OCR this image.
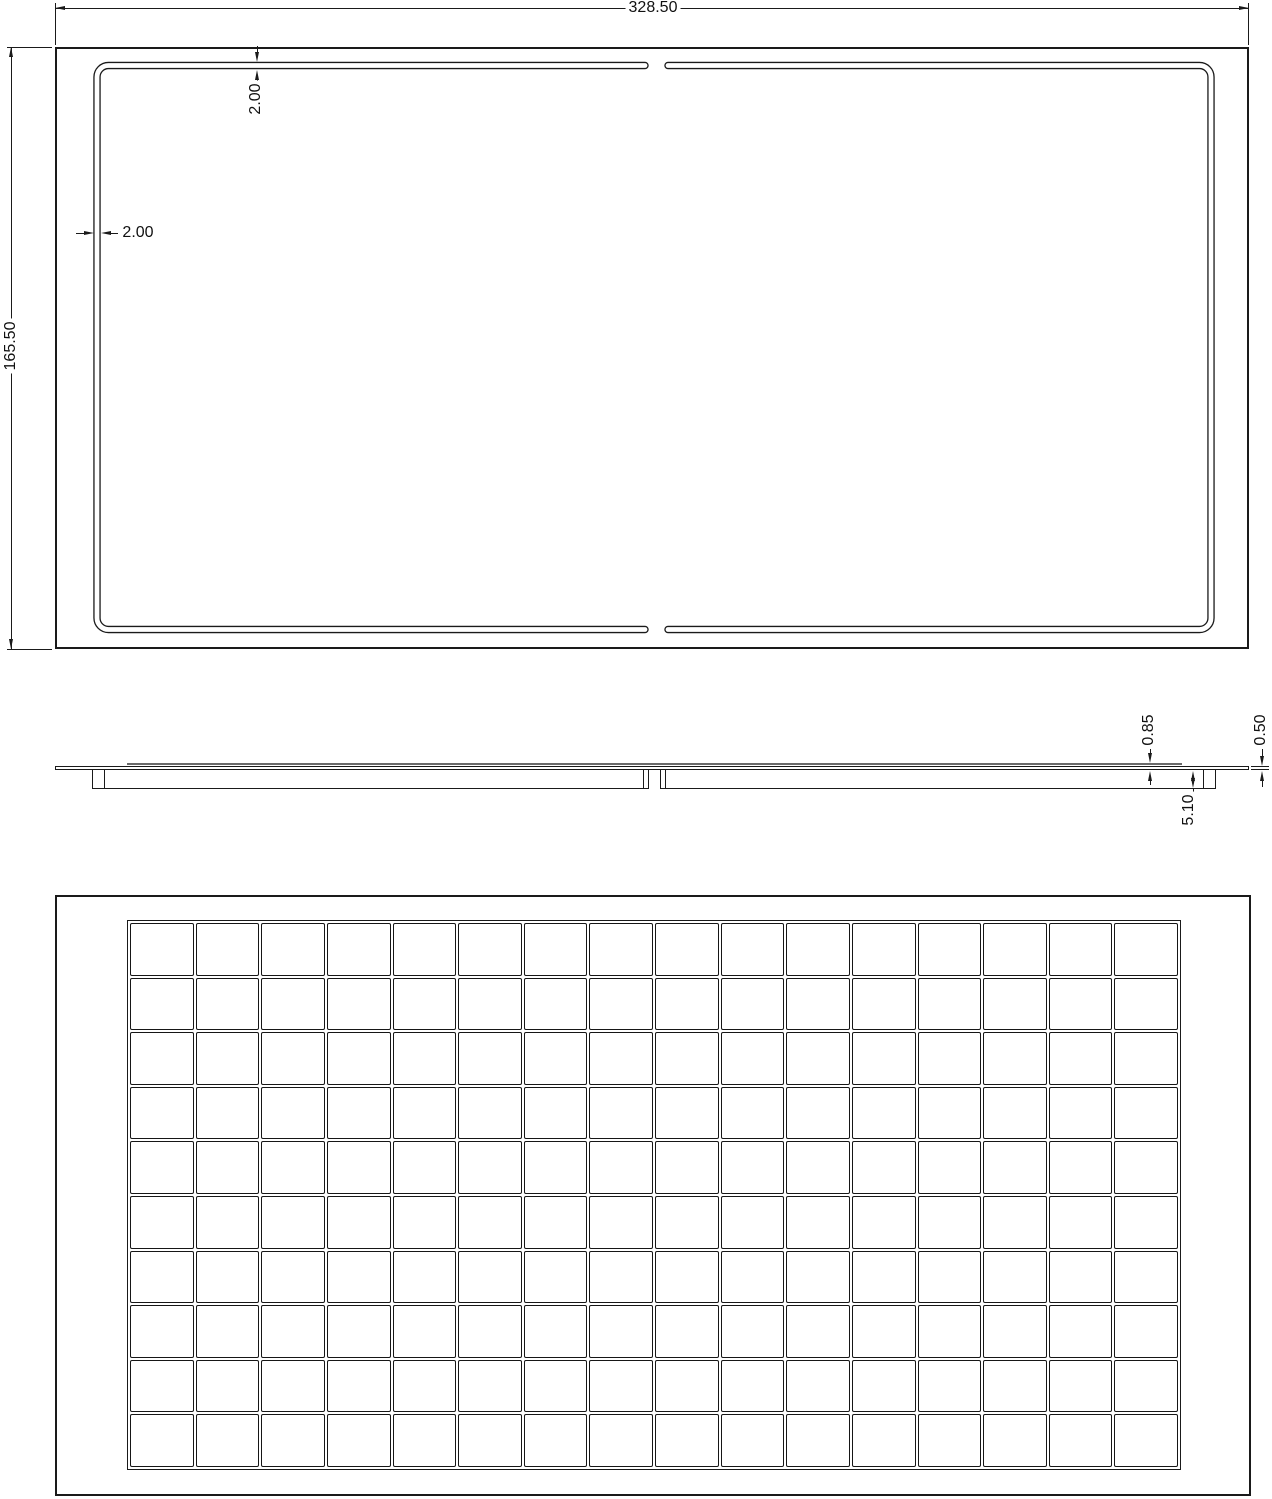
328.50
165.50
2.00
2.00
0.85
5.10
0.50
